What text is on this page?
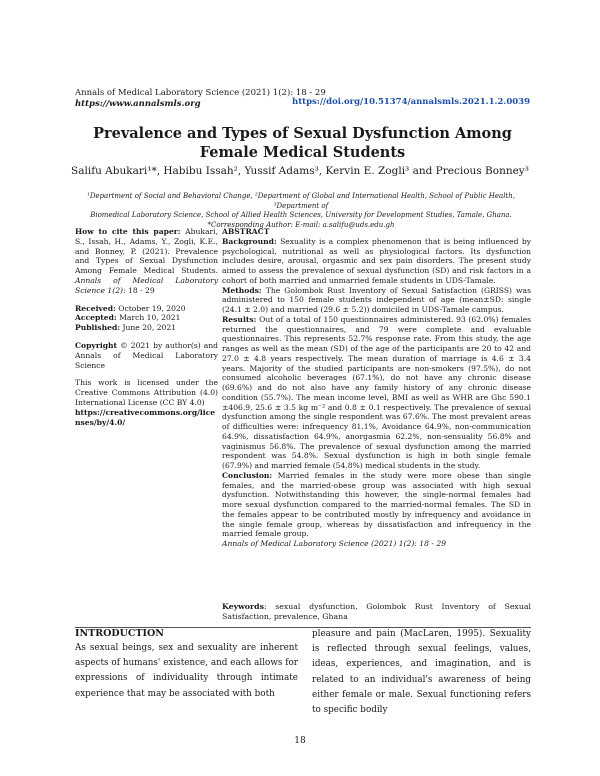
Annals of Medical Laboratory Science (2021) 1(2): 18 - 29
https://www.annalsmls.org	https://doi.org/10.51374/annalsmls.2021.1.2.0039
Prevalence and Types of Sexual Dysfunction Among Female Medical Students
Salifu Abukari¹*, Habibu Issah², Yussif Adams³, Kervin E. Zogli³ and Precious Bonney³
¹Department of Social and Behavioral Change, ²Department of Global and International Health, School of Public Health, ³Department of
Biomedical Laboratory Science, School of Allied Health Sciences, University for Development Studies, Tamale, Ghana.
*Corresponding Author: E-mail: a.salifu@uds.edu.gh

How to cite this paper: Abukari, S., Issah, H., Adams, Y., Zogli, K.E., and Bonney, P. (2021). Prevalence and Types of Sexual Dysfunction Among Female Medical Students. Annals of Medical Laboratory Science 1(2): 18 - 29

Received: October 19, 2020
Accepted: March 10, 2021
Published: June 20, 2021

Copyright © 2021 by author(s) and Annals of Medical Laboratory Science

This work is licensed under the Creative Commons Attribution (4.0) International License (CC BY 4.0)
https://creativecommons.org/licenses/by/4.0/

ABSTRACT

Background: Sexuality is a complex phenomenon that is being influenced by psychological, nutritional as well as physiological factors. Its dysfunction includes desire, arousal, orgasmic and sex pain disorders. The present study aimed to assess the prevalence of sexual dysfunction (SD) and risk factors in a cohort of both married and unmarried female students in UDS-Tamale.

Methods: The Golombok Rust Inventory of Sexual Satisfaction (GRISS) was administered to 150 female students independent of age (mean±SD: single (24.1 ± 2.0) and married (29.6 ± 5.2)) domiciled in UDS-Tamale campus.

Results: Out of a total of 150 questionnaires administered. 93 (62.0%) females returned the questionnaires, and 79 were complete and evaluable questionnaires. This represents 52.7% response rate. From this study, the age ranges as well as the mean (SD) of the age of the participants are 20 to 42 and 27.0 ± 4.8 years respectively. The mean duration of marriage is 4.6 ± 3.4 years. Majority of the studied participants are non-smokers (97.5%), do not consumed alcoholic beverages (67.1%), do not have any chronic disease (69.6%) and do not also have any family history of any chronic disease condition (55.7%). The mean income level, BMI as well as WHR are Ghc 590.1 ±406.9, 25.6 ± 3.5 kg m⁻² and 0.8 ± 0.1 respectively. The prevalence of sexual dysfunction among the single respondent was 67.6%. The most prevalent areas of difficulties were: infrequency 81.1%, Avoidance 64.9%, non-communication 64.9%, dissatisfaction 64.9%, anorgasmia 62.2%, non-sensuality 56.8% and vaginismus 56.8%. The prevalence of sexual dysfunction among the married respondent was 54.8%. Sexual dysfunction is high in both single female (67.9%) and married female (54.8%) medical students in the study.

Conclusion: Married females in the study were more obese than single females, and the married-obese group was associated with high sexual dysfunction. Notwithstanding this however, the single-normal females had more sexual dysfunction compared to the married-normal females. The SD in the females appear to be contributed mostly by infrequency and avoidance in the single female group, whereas by dissatisfaction and infrequency in the married female group.

Annals of Medical Laboratory Science (2021) 1(2): 18 - 29

Keywords: sexual dysfunction, Golombok Rust Inventory of Sexual Satisfaction, prevalence, Ghana
INTRODUCTION
As sexual beings, sex and sexuality are inherent aspects of humans' existence, and each allows for expressions of individuality through intimate experience that may be associated with both
pleasure and pain (MacLaren, 1995). Sexuality is reflected through sexual feelings, values, ideas, experiences, and imagination, and is related to an individual's awareness of being either female or male. Sexual functioning refers to specific bodily
18
